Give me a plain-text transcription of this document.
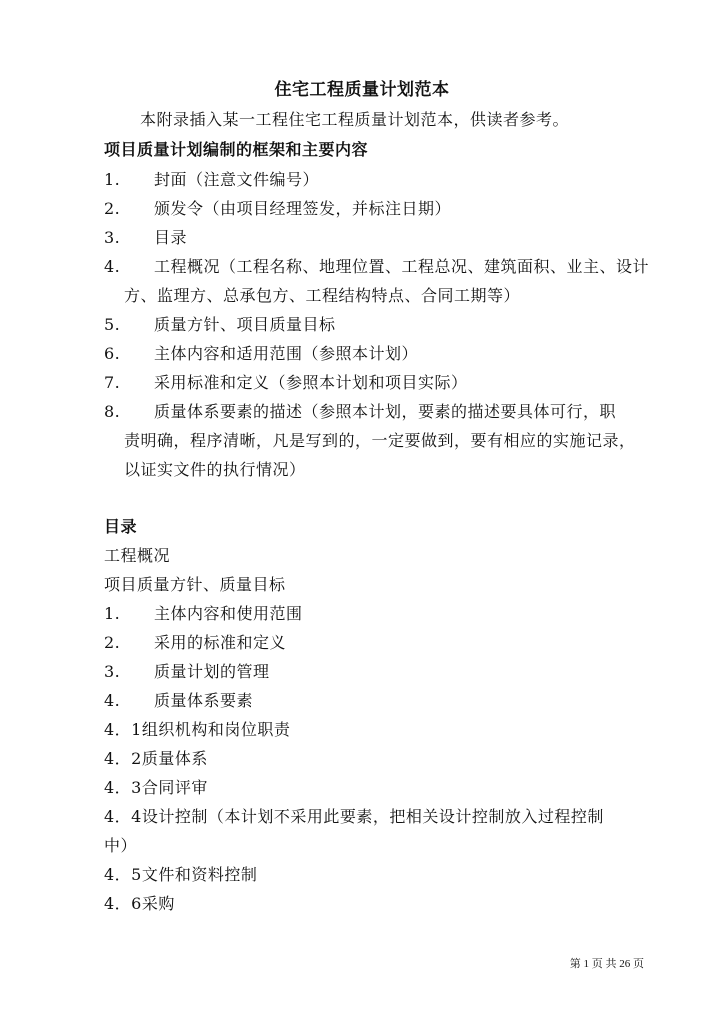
住宅工程质量计划范本
本附录插入某一工程住宅工程质量计划范本，供读者参考。
项目质量计划编制的框架和主要内容
1. 封面（注意文件编号）
2. 颁发令（由项目经理签发，并标注日期）
3. 目录
4. 工程概况（工程名称、地理位置、工程总况、建筑面积、业主、设计
方、监理方、总承包方、工程结构特点、合同工期等）
5. 质量方针、项目质量目标
6. 主体内容和适用范围（参照本计划）
7. 采用标准和定义（参照本计划和项目实际）
8. 质量体系要素的描述（参照本计划，要素的描述要具体可行，职
责明确，程序清晰，凡是写到的，一定要做到，要有相应的实施记录，
以证实文件的执行情况）
目录
工程概况
项目质量方针、质量目标
1. 主体内容和使用范围
2. 采用的标准和定义
3. 质量计划的管理
4. 质量体系要素
4．1组织机构和岗位职责
4．2质量体系
4．3合同评审
4．4设计控制（本计划不采用此要素，把相关设计控制放入过程控制
中）
4．5文件和资料控制
4．6采购
第 1 页 共 26 页
